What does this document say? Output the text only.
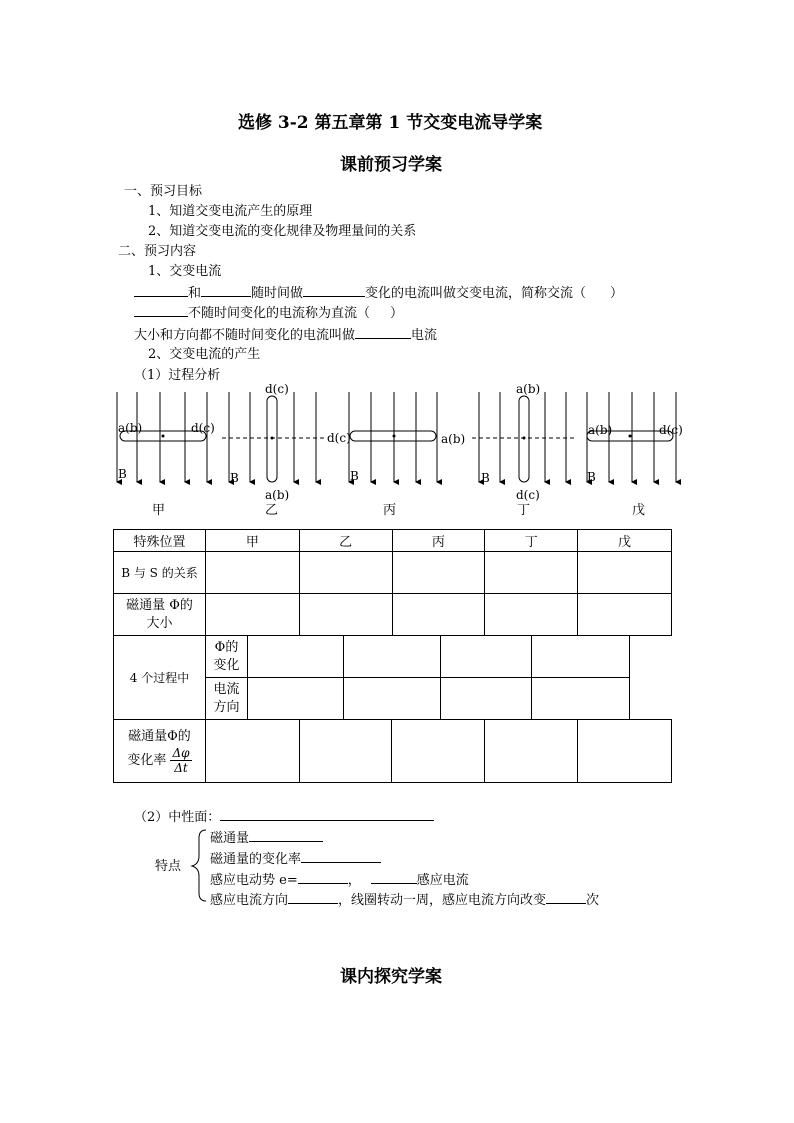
选修 3-2 第五章第 1 节交变电流导学案
课前预习学案
一、预习目标
1、知道交变电流产生的原理
2、知道交变电流的变化规律及物理量间的关系
二、预习内容
1、交变电流
和	随时间做	变化的电流叫做交变电流，简称交流（ ）
不随时间变化的电流称为直流（ ）
大小和方向都不随时间变化的电流叫做	电流
2、交变电流的产生
（1）过程分析
a(b)	d(c)
B
d(c)
a(b)
B
d(c)	a(b)
B
a(b)
d(c)
B
a(b)	d(c)
B
甲	乙	丙	丁	戊
特殊位置	甲	乙	丙	丁	戊
B 与 S 的关系					

磁通量 Φ的大小					

4 个过程中	Φ的变化				

	电流方向				

磁通量Φ的
变化率 $\frac{\Delta\varphi}{\Delta t}$

（2）中性面：
特点
磁通量
磁通量的变化率
感应电动势 e=	，	感应电流
感应电流方向	，线圈转动一周，感应电流方向改变	次
课内探究学案
